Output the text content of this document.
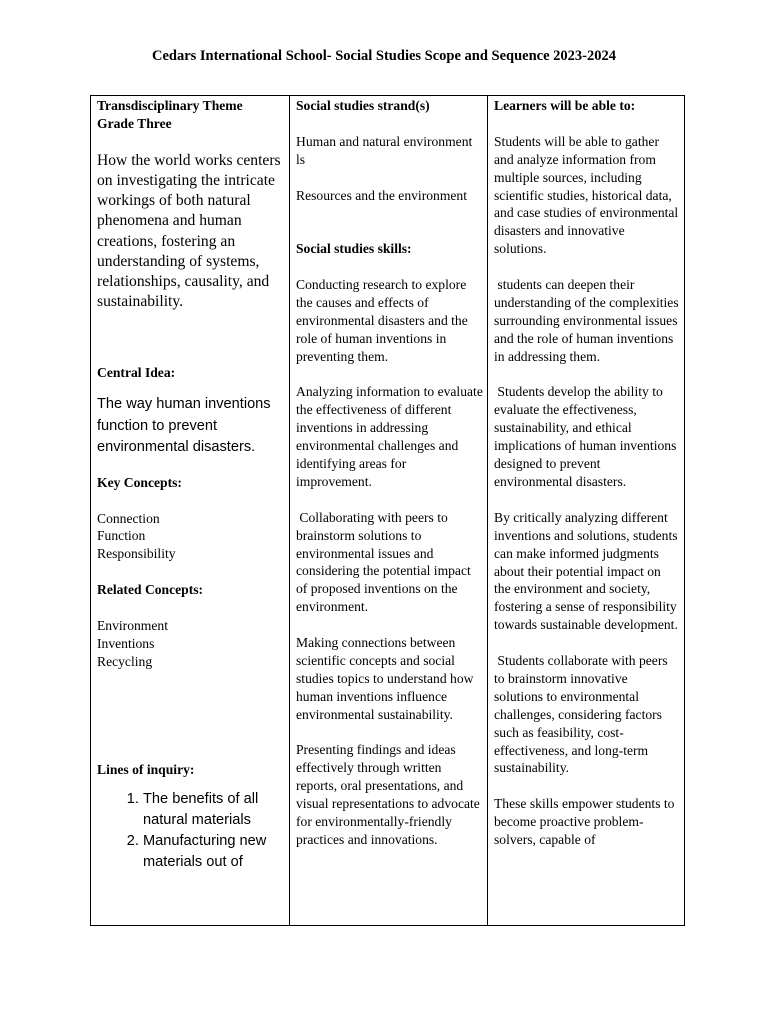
Cedars International School- Social Studies Scope and Sequence 2023-2024

Transdisciplinary Theme

Grade Three

How the world works centers on investigating the intricate workings of both natural phenomena and human creations, fostering an understanding of systems, relationships, causality, and sustainability.

Central Idea:

The way human inventions function to prevent environmental disasters.

Key Concepts:

Connection

Function

Responsibility

Related Concepts:

Environment

Inventions

Recycling

Lines of inquiry:

1. The benefits of all natural materials
2. Manufacturing new materials out of

Social studies strand(s)

Human and natural environment ls

Resources and the environment

Social studies skills:

Conducting research to explore the causes and effects of environmental disasters and the role of human inventions in preventing them.

Analyzing information to evaluate the effectiveness of different inventions in addressing environmental challenges and identifying areas for improvement.

Collaborating with peers to brainstorm solutions to environmental issues and considering the potential impact of proposed inventions on the environment.

Making connections between scientific concepts and social studies topics to understand how human inventions influence environmental sustainability.

Presenting findings and ideas effectively through written reports, oral presentations, and visual representations to advocate for environmentally-friendly practices and innovations.

Learners will be able to:

Students will be able to gather and analyze information from multiple sources, including scientific studies, historical data, and case studies of environmental disasters and innovative solutions.

students can deepen their understanding of the complexities surrounding environmental issues and the role of human inventions in addressing them.

Students develop the ability to evaluate the effectiveness, sustainability, and ethical implications of human inventions designed to prevent environmental disasters.

By critically analyzing different inventions and solutions, students can make informed judgments about their potential impact on the environment and society, fostering a sense of responsibility towards sustainable development.

Students collaborate with peers to brainstorm innovative solutions to environmental challenges, considering factors such as feasibility, cost-effectiveness, and long-term sustainability.

These skills empower students to become proactive problem-solvers, capable of
